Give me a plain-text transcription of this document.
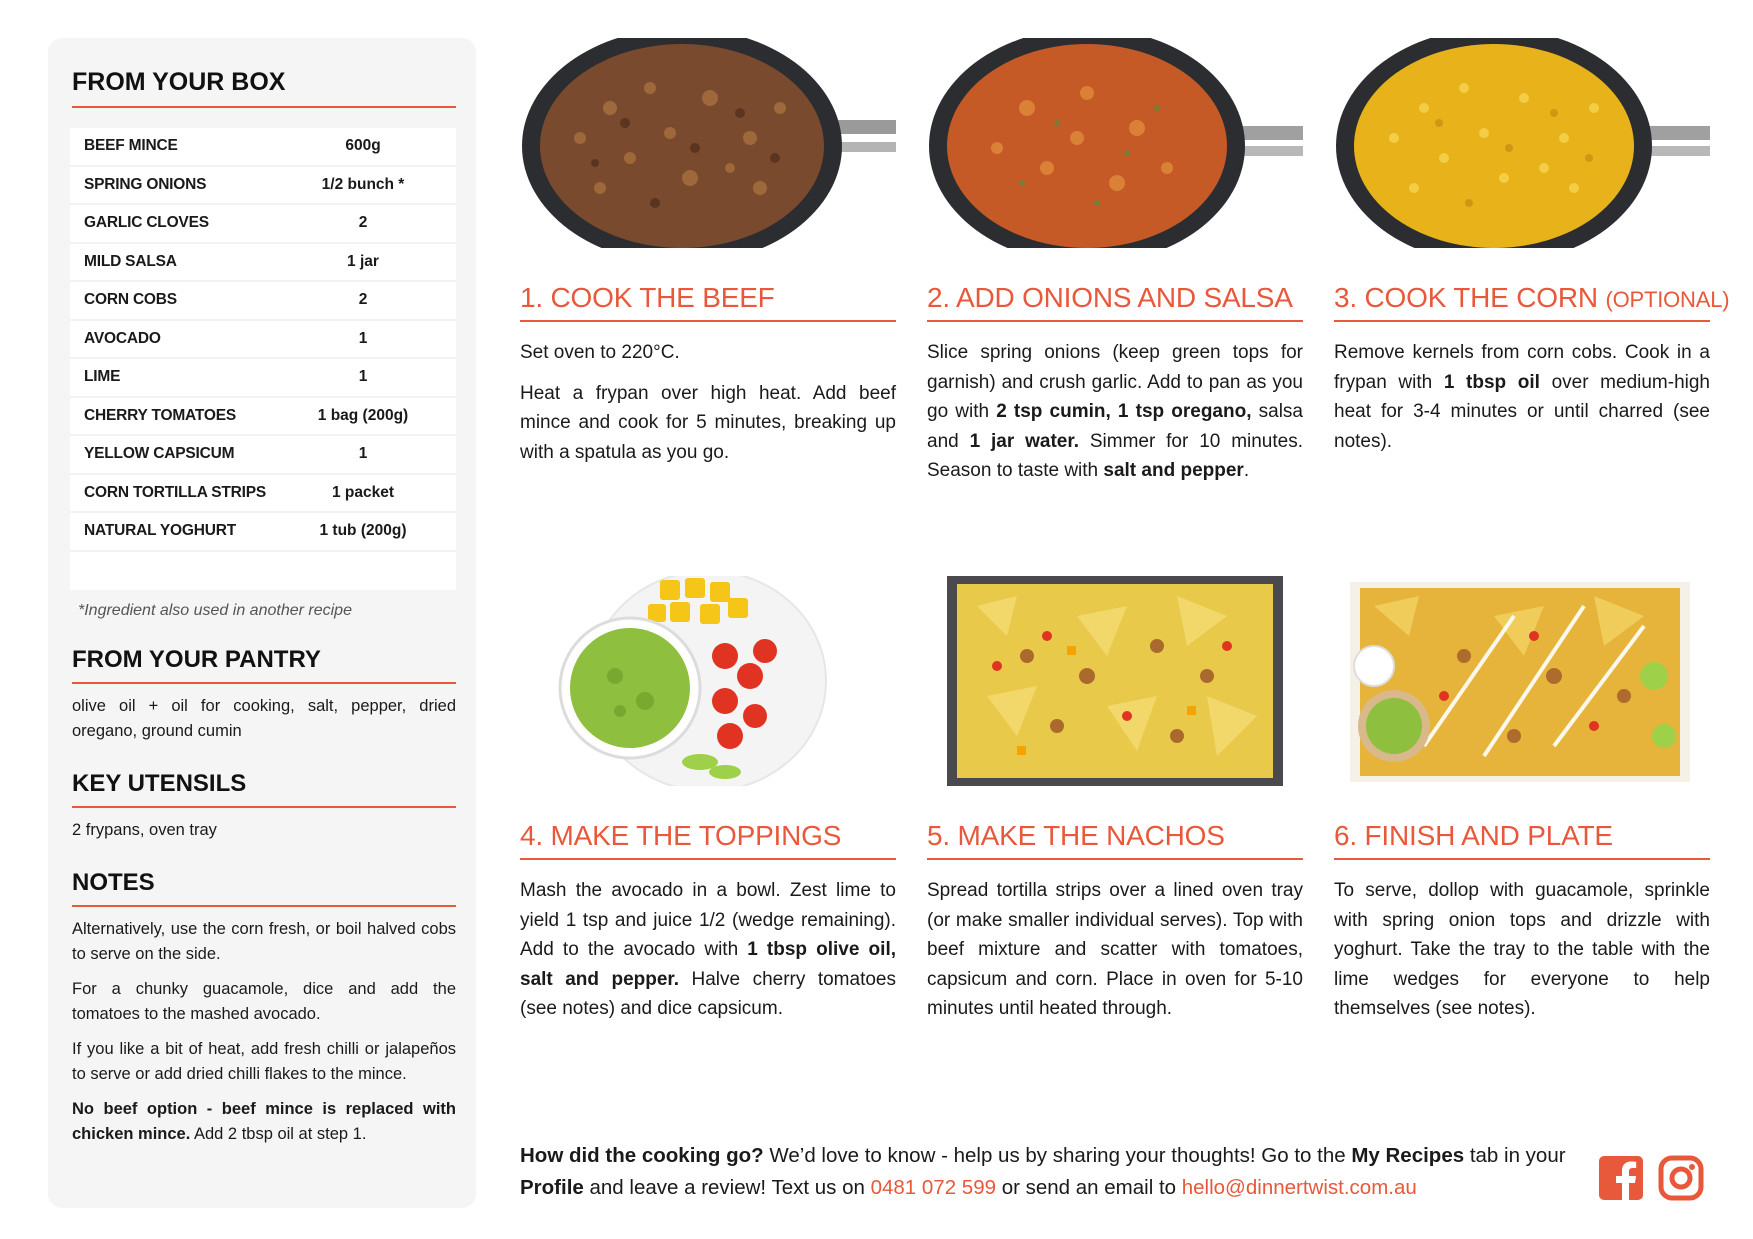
FROM YOUR BOX
BEEF MINCE	600g
SPRING ONIONS	1/2 bunch *
GARLIC CLOVES	2
MILD SALSA	1 jar
CORN COBS	2
AVOCADO	1
LIME	1
CHERRY TOMATOES	1 bag (200g)
YELLOW CAPSICUM	1
CORN TORTILLA STRIPS	1 packet
NATURAL YOGHURT	1 tub (200g)
*Ingredient also used in another recipe
FROM YOUR PANTRY

olive oil + oil for cooking, salt, pepper, dried oregano, ground cumin

KEY UTENSILS

2 frypans, oven tray

NOTES

Alternatively, use the corn fresh, or boil halved cobs to serve on the side.

For a chunky guacamole, dice and add the tomatoes to the mashed avocado.

If you like a bit of heat, add fresh chilli or jalapeños to serve or add dried chilli flakes to the mince.

No beef option - beef mince is replaced with chicken mince. Add 2 tbsp oil at step 1.

1. COOK THE BEEF

Set oven to 220°C.

Heat a frypan over high heat. Add beef mince and cook for 5 minutes, breaking up with a spatula as you go.

2. ADD ONIONS AND SALSA

Slice spring onions (keep green tops for garnish) and crush garlic. Add to pan as you go with 2 tsp cumin, 1 tsp oregano, salsa and 1 jar water. Simmer for 10 minutes. Season to taste with salt and pepper.

3. COOK THE CORN (OPTIONAL)

Remove kernels from corn cobs. Cook in a frypan with 1 tbsp oil over medium-high heat for 3-4 minutes or until charred (see notes).

4. MAKE THE TOPPINGS

Mash the avocado in a bowl. Zest lime to yield 1 tsp and juice 1/2 (wedge remaining). Add to the avocado with 1 tbsp olive oil, salt and pepper. Halve cherry tomatoes (see notes) and dice capsicum.

5. MAKE THE NACHOS

Spread tortilla strips over a lined oven tray (or make smaller individual serves). Top with beef mixture and scatter with tomatoes, capsicum and corn. Place in oven for 5-10 minutes until heated through.

6. FINISH AND PLATE

To serve, dollop with guacamole, sprinkle with spring onion tops and drizzle with yoghurt. Take the tray to the table with the lime wedges for everyone to help themselves (see notes).

How did the cooking go? We’d love to know - help us by sharing your thoughts! Go to the My Recipes tab in your Profile and leave a review! Text us on 0481 072 599 or send an email to hello@dinnertwist.com.au
